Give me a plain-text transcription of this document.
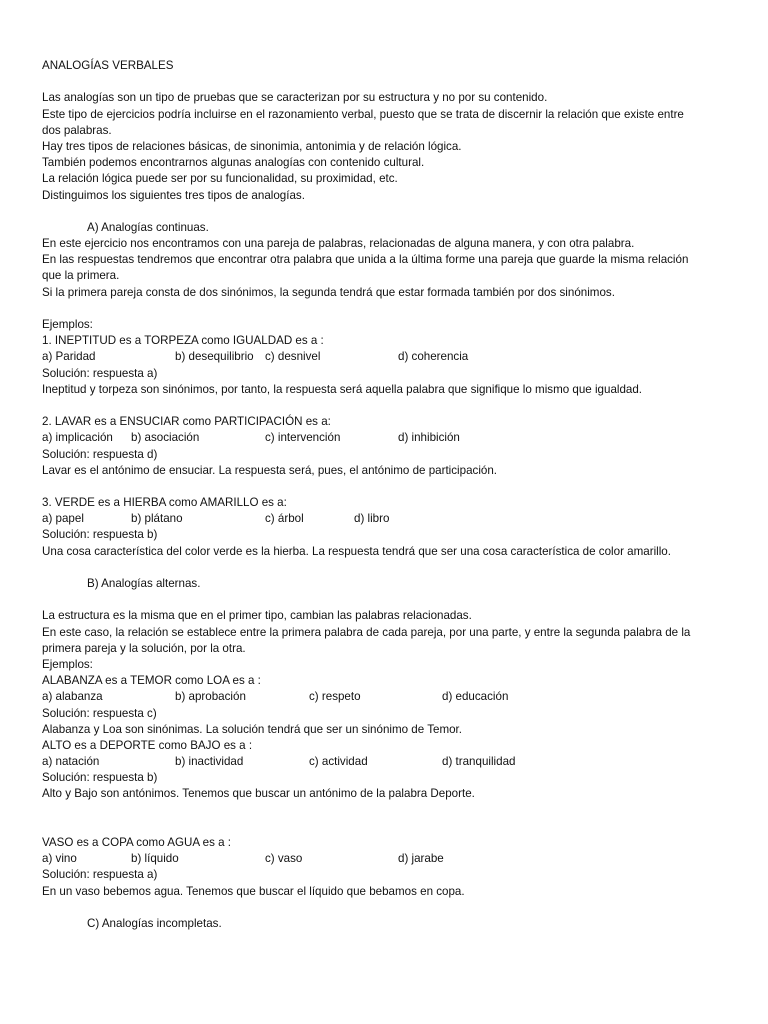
ANALOGÍAS VERBALES
Las analogías son un tipo de pruebas que se caracterizan por su estructura y no por su contenido.
Este tipo de ejercicios podría incluirse en el razonamiento verbal, puesto que se trata de discernir la relación que existe entre
dos palabras.
Hay tres tipos de relaciones básicas, de sinonimia, antonimia y de relación lógica.
También podemos encontrarnos algunas analogías con contenido cultural.
La relación lógica puede ser por su funcionalidad, su proximidad, etc.
Distinguimos los siguientes tres tipos de analogías.
A) Analogías continuas.
En este ejercicio nos encontramos con una pareja de palabras, relacionadas de alguna manera, y con otra palabra.
En las respuestas tendremos que encontrar otra palabra que unida a la última forme una pareja que guarde la misma relación
que la primera.
Si la primera pareja consta de dos sinónimos, la segunda tendrá que estar formada también por dos sinónimos.
Ejemplos:
1. INEPTITUD es a TORPEZA como IGUALDAD es a :
a) Paridad	b) desequilibrio c) desnivel	d) coherencia
Solución: respuesta a)
Ineptitud y torpeza son sinónimos, por tanto, la respuesta será aquella palabra que signifique lo mismo que igualdad.
2. LAVAR es a ENSUCIAR como PARTICIPACIÓN es a:
a) implicación	b) asociación	c) intervención	d) inhibición
Solución: respuesta d)
Lavar es el antónimo de ensuciar. La respuesta será, pues, el antónimo de participación.
3. VERDE es a HIERBA como AMARILLO es a:
a) papel	b) plátano	c) árbol	d) libro
Solución: respuesta b)
Una cosa característica del color verde es la hierba. La respuesta tendrá que ser una cosa característica de color amarillo.
B) Analogías alternas.
La estructura es la misma que en el primer tipo, cambian las palabras relacionadas.
En este caso, la relación se establece entre la primera palabra de cada pareja, por una parte, y entre la segunda palabra de la
primera pareja y la solución, por la otra.
Ejemplos:
ALABANZA es a TEMOR como LOA es a :
a) alabanza	b) aprobación	c) respeto	d) educación
Solución: respuesta c)
Alabanza y Loa son sinónimas. La solución tendrá que ser un sinónimo de Temor.
ALTO es a DEPORTE como BAJO es a :
a) natación	b) inactividad	c) actividad	d) tranquilidad
Solución: respuesta b)
Alto y Bajo son antónimos. Tenemos que buscar un antónimo de la palabra Deporte.
VASO es a COPA como AGUA es a :
a) vino	b) líquido	c) vaso	d) jarabe
Solución: respuesta a)
En un vaso bebemos agua. Tenemos que buscar el líquido que bebamos en copa.
C) Analogías incompletas.
